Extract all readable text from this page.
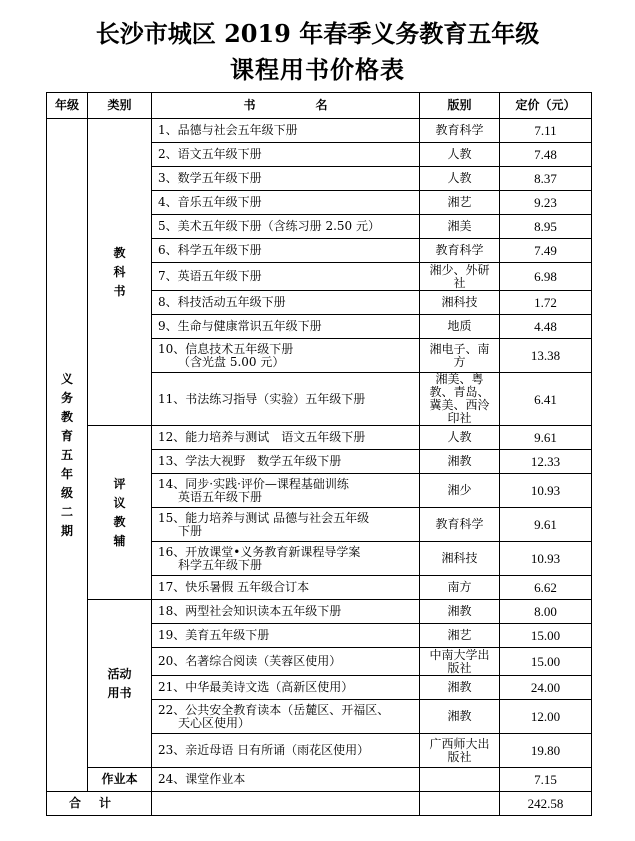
长沙市城区 2019 年春季义务教育五年级
课程用书价格表
年级	类别	书　　　　　名	版别	定价（元）
义务教育五年级二期	教科书	1、品德与社会五年级下册	教育科学	7.11
		2、语文五年级下册	人教	7.48
		3、数学五年级下册	人教	8.37
		4、音乐五年级下册	湘艺	9.23
		5、美术五年级下册（含练习册 2.50 元）	湘美	8.95
		6、科学五年级下册	教育科学	7.49
		7、英语五年级下册	湘少、外研社	6.98
		8、科技活动五年级下册	湘科技	1.72
		9、生命与健康常识五年级下册	地质	4.48
		10、信息技术五年级下册
（含光盘 5.00 元）	湘电子、南方	13.38
		11、书法练习指导（实验）五年级下册	湘美、粤教、青岛、冀美、西泠印社	6.41
	评议教辅	12、能力培养与测试　语文五年级下册	人教	9.61
		13、学法大视野　数学五年级下册	湘教	12.33
		14、同步·实践·评价—课程基础训练
英语五年级下册	湘少	10.93
		15、能力培养与测试 品德与社会五年级
下册	教育科学	9.61
		16、开放课堂•义务教育新课程导学案
科学五年级下册	湘科技	10.93
		17、快乐暑假 五年级合订本	南方	6.62
	活动用书	18、两型社会知识读本五年级下册	湘教	8.00
		19、美育五年级下册	湘艺	15.00
		20、名著综合阅读（芙蓉区使用）	中南大学出版社	15.00
		21、中华最美诗文选（高新区使用）	湘教	24.00
		22、公共安全教育读本（岳麓区、开福区、
天心区使用）	湘教	12.00
		23、亲近母语 日有所诵（雨花区使用）	广西师大出版社	19.80
	作业本	24、课堂作业本		7.15
合计				242.58
